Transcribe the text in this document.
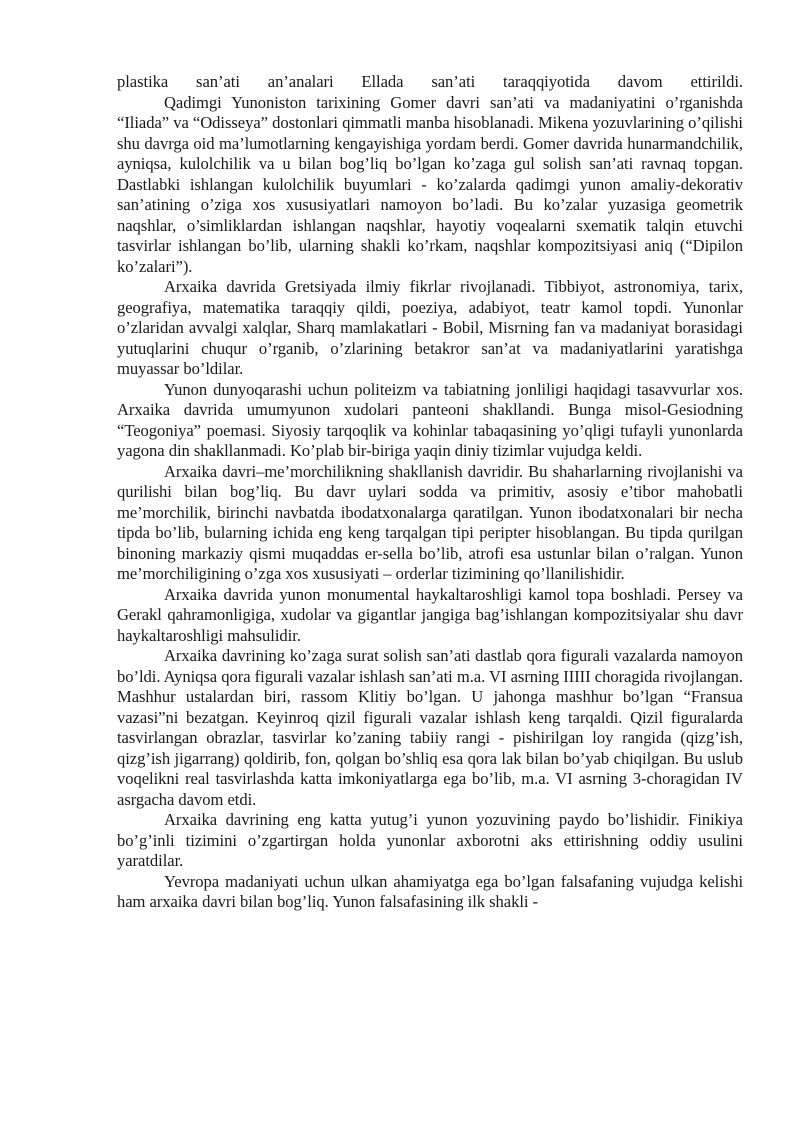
plastika san’ati an’analari Ellada san’ati taraqqiyotida davom ettirildi.

Qadimgi Yunoniston tarixining Gomer davri san’ati va madaniyatini o’rganishda “Iliada” va “Odisseya” dostonlari qimmatli manba hisoblanadi. Mikena yozuvlarining o’qilishi shu davrga oid ma’lumotlarning kengayishiga yordam berdi. Gomer davrida hunarmandchilik, ayniqsa, kulolchilik va u bilan bog’liq bo’lgan ko’zaga gul solish san’ati ravnaq topgan. Dastlabki ishlangan kulolchilik buyumlari - ko’zalarda qadimgi yunon amaliy-dekorativ san’atining o’ziga xos xususiyatlari namoyon bo’ladi. Bu ko’zalar yuzasiga geometrik naqshlar, o’simliklardan ishlangan naqshlar, hayotiy voqealarni sxematik talqin etuvchi tasvirlar ishlangan bo’lib, ularning shakli ko’rkam, naqshlar kompozitsiyasi aniq (“Dipilon ko’zalari”).

Arxaika davrida Gretsiyada ilmiy fikrlar rivojlanadi. Tibbiyot, astronomiya, tarix, geografiya, matematika taraqqiy qildi, poeziya, adabiyot, teatr kamol topdi. Yunonlar o’zlaridan avvalgi xalqlar, Sharq mamlakatlari - Bobil, Misrning fan va madaniyat borasidagi yutuqlarini chuqur o’rganib, o’zlarining betakror san’at va madaniyatlarini yaratishga muyassar bo’ldilar.

Yunon dunyoqarashi uchun politeizm va tabiatning jonliligi haqidagi tasavvurlar xos. Arxaika davrida umumyunon xudolari panteoni shakllandi. Bunga misol-Gesiodning “Teogoniya” poemasi. Siyosiy tarqoqlik va kohinlar tabaqasining yo’qligi tufayli yunonlarda yagona din shakllanmadi. Ko’plab bir-biriga yaqin diniy tizimlar vujudga keldi.

Arxaika davri–me’morchilikning shakllanish davridir. Bu shaharlarning rivojlanishi va qurilishi bilan bog’liq. Bu davr uylari sodda va primitiv, asosiy e’tibor mahobatli me’morchilik, birinchi navbatda ibodatxonalarga qaratilgan. Yunon ibodatxonalari bir necha tipda bo’lib, bularning ichida eng keng tarqalgan tipi peripter hisoblangan. Bu tipda qurilgan binoning markaziy qismi muqaddas er-sella bo’lib, atrofi esa ustunlar bilan o’ralgan. Yunon me’morchiligining o’zga xos xususiyati – orderlar tizimining qo’llanilishidir.

Arxaika davrida yunon monumental haykaltaroshligi kamol topa boshladi. Persey va Gerakl qahramonligiga, xudolar va gigantlar jangiga bag’ishlangan kompozitsiyalar shu davr haykaltaroshligi mahsulidir.

Arxaika davrining ko’zaga surat solish san’ati dastlab qora figurali vazalarda namoyon bo’ldi. Ayniqsa qora figurali vazalar ishlash san’ati m.a. VI asrning IIIII choragida rivojlangan. Mashhur ustalardan biri, rassom Klitiy bo’lgan. U jahonga mashhur bo’lgan “Fransua vazasi”ni bezatgan. Keyinroq qizil figurali vazalar ishlash keng tarqaldi. Qizil figuralarda tasvirlangan obrazlar, tasvirlar ko’zaning tabiiy rangi - pishirilgan loy rangida (qizg’ish, qizg’ish jigarrang) qoldirib, fon, qolgan bo’shliq esa qora lak bilan bo’yab chiqilgan. Bu uslub voqelikni real tasvirlashda katta imkoniyatlarga ega bo’lib, m.a. VI asrning 3-choragidan IV asrgacha davom etdi.

Arxaika davrining eng katta yutug’i yunon yozuvining paydo bo’lishidir. Finikiya bo’g’inli tizimini o’zgartirgan holda yunonlar axborotni aks ettirishning oddiy usulini yaratdilar.

Yevropa madaniyati uchun ulkan ahamiyatga ega bo’lgan falsafaning vujudga kelishi ham arxaika davri bilan bog’liq. Yunon falsafasining ilk shakli -
